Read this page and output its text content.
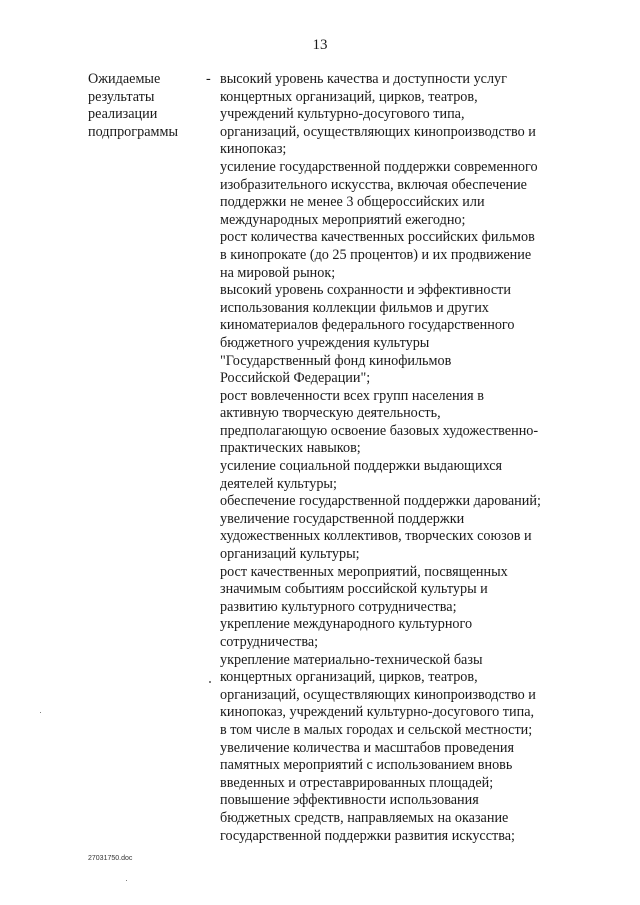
13
Ожидаемые
результаты
реализации
подпрограммы
- высокий уровень качества и доступности услуг
концертных организаций, цирков, театров,
учреждений культурно-досугового типа,
организаций, осуществляющих кинопроизводство и
кинопоказ;
усиление государственной поддержки современного
изобразительного искусства, включая обеспечение
поддержки не менее 3 общероссийских или
международных мероприятий ежегодно;
рост количества качественных российских фильмов
в кинопрокате (до 25 процентов) и их продвижение
на мировой рынок;
высокий уровень сохранности и эффективности
использования коллекции фильмов и других
киноматериалов федерального государственного
бюджетного учреждения культуры
"Государственный фонд кинофильмов
Российской Федерации";
рост вовлеченности всех групп населения в
активную творческую деятельность,
предполагающую освоение базовых художественно-
практических навыков;
усиление социальной поддержки выдающихся
деятелей культуры;
обеспечение государственной поддержки дарований;
увеличение государственной поддержки
художественных коллективов, творческих союзов и
организаций культуры;
рост качественных мероприятий, посвященных
значимым событиям российской культуры и
развитию культурного сотрудничества;
укрепление международного культурного
сотрудничества;
укрепление материально-технической базы
концертных организаций, цирков, театров,
организаций, осуществляющих кинопроизводство и
кинопоказ, учреждений культурно-досугового типа,
в том числе в малых городах и сельской местности;
увеличение количества и масштабов проведения
памятных мероприятий с использованием вновь
введенных и отреставрированных площадей;
повышение эффективности использования
бюджетных средств, направляемых на оказание
государственной поддержки развития искусства;
27031750.doc
